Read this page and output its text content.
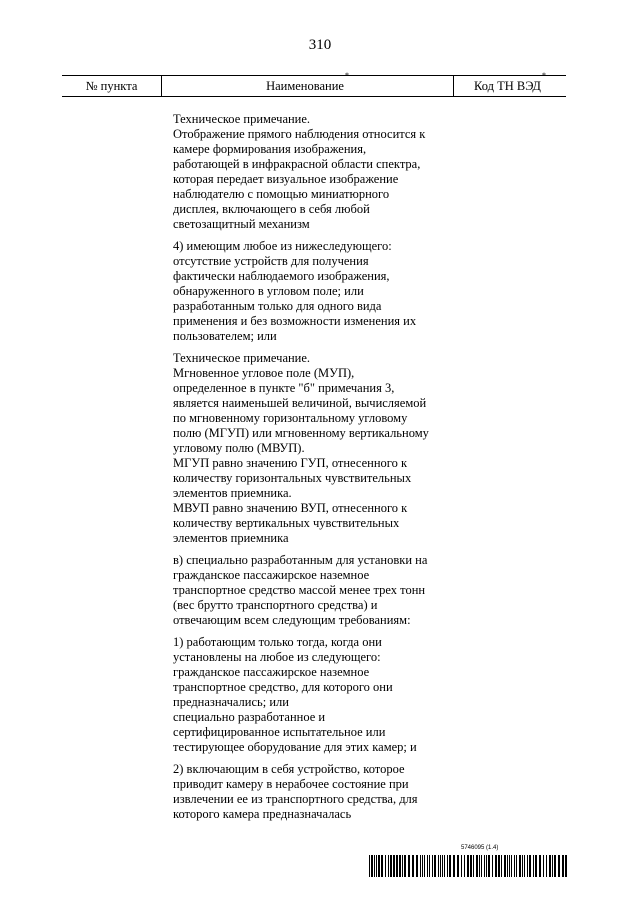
310
№ пункта	Наименование*
Код ТН ВЭД*
Техническое примечание.
Отображение прямого наблюдения относится к
камере формирования изображения,
работающей в инфракрасной области спектра,
которая передает визуальное изображение
наблюдателю с помощью миниатюрного
дисплея, включающего в себя любой
светозащитный механизм
4) имеющим любое из нижеследующего:
отсутствие устройств для получения
фактически наблюдаемого изображения,
обнаруженного в угловом поле; или
разработанным только для одного вида
применения и без возможности изменения их
пользователем; или
Техническое примечание.
Мгновенное угловое поле (МУП),
определенное в пункте "б" примечания 3,
является наименьшей величиной, вычисляемой
по мгновенному горизонтальному угловому
полю (МГУП) или мгновенному вертикальному
угловому полю (МВУП).
МГУП равно значению ГУП, отнесенного к
количеству горизонтальных чувствительных
элементов приемника.
МВУП равно значению ВУП, отнесенного к
количеству вертикальных чувствительных
элементов приемника
в) специально разработанным для установки на
гражданское пассажирское наземное
транспортное средство массой менее трех тонн
(вес брутто транспортного средства) и
отвечающим всем следующим требованиям:
1) работающим только тогда, когда они
установлены на любое из следующего:
гражданское пассажирское наземное
транспортное средство, для которого они
предназначались; или
специально разработанное и
сертифицированное испытательное или
тестирующее оборудование для этих камер; и
2) включающим в себя устройство, которое
приводит камеру в нерабочее состояние при
извлечении ее из транспортного средства, для
которого камера предназначалась
5746095 (1.4)
